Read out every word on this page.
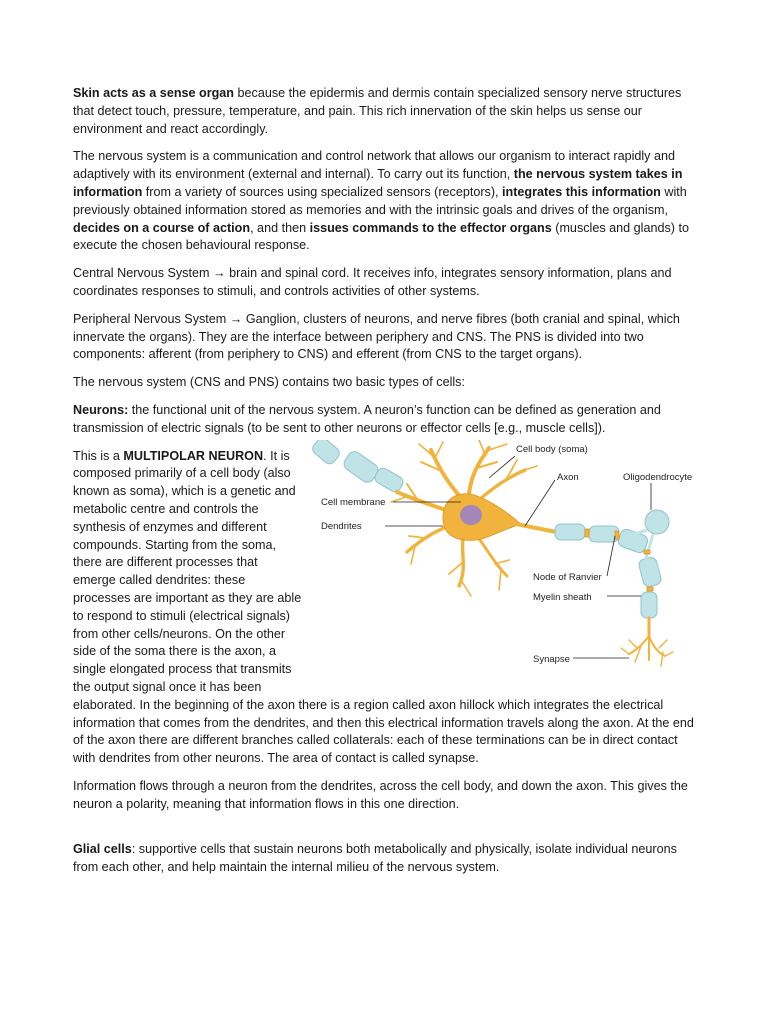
Skin acts as a sense organ because the epidermis and dermis contain specialized sensory nerve structures that detect touch, pressure, temperature, and pain. This rich innervation of the skin helps us sense our environment and react accordingly.

The nervous system is a communication and control network that allows our organism to interact rapidly and adaptively with its environment (external and internal). To carry out its function, the nervous system takes in information from a variety of sources using specialized sensors (receptors), integrates this information with previously obtained information stored as memories and with the intrinsic goals and drives of the organism, decides on a course of action, and then issues commands to the effector organs (muscles and glands) to execute the chosen behavioural response.

Central Nervous System → brain and spinal cord. It receives info, integrates sensory information, plans and coordinates responses to stimuli, and controls activities of other systems.

Peripheral Nervous System → Ganglion, clusters of neurons, and nerve fibres (both cranial and spinal, which innervate the organs). They are the interface between periphery and CNS. The PNS is divided into two components: afferent (from periphery to CNS) and efferent (from CNS to the target organs).

The nervous system (CNS and PNS) contains two basic types of cells:

Neurons: the functional unit of the nervous system. A neuron’s function can be defined as generation and transmission of electric signals (to be sent to other neurons or effector cells [e.g., muscle cells]).

Cell body (soma)
Axon	Oligodendrocyte
Cell membrane
Dendrites
Node of Ranvier
Myelin sheath
Synapse

This is a MULTIPOLAR NEURON. It is composed primarily of a cell body (also known as soma), which is a genetic and metabolic centre and controls the synthesis of enzymes and different compounds. Starting from the soma, there are different processes that emerge called dendrites: these processes are important as they are able to respond to stimuli (electrical signals) from other cells/neurons. On the other side of the soma there is the axon, a single elongated process that transmits the output signal once it has been elaborated. In the beginning of the axon there is a region called axon hillock which integrates the electrical information that comes from the dendrites, and then this electrical information travels along the axon. At the end of the axon there are different branches called collaterals: each of these terminations can be in direct contact with dendrites from other neurons. The area of contact is called synapse.

Information flows through a neuron from the dendrites, across the cell body, and down the axon. This gives the neuron a polarity, meaning that information flows in this one direction.

Glial cells: supportive cells that sustain neurons both metabolically and physically, isolate individual neurons from each other, and help maintain the internal milieu of the nervous system.
